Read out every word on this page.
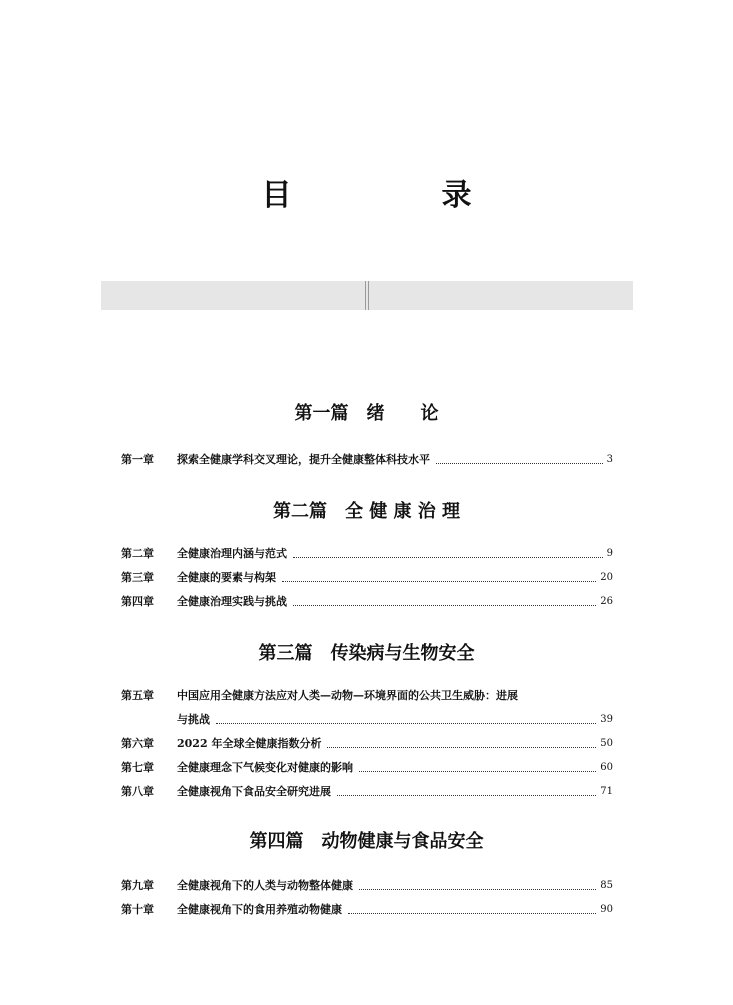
目　录
第一篇　绪　　论
第一章 探索全健康学科交叉理论，提升全健康整体科技水平	3
第二篇　全 健 康 治 理
第二章 全健康治理内涵与范式	9
第三章 全健康的要素与构架	20
第四章 全健康治理实践与挑战	26
第三篇　传染病与生物安全
第五章 中国应用全健康方法应对人类—动物—环境界面的公共卫生威胁：进展
与挑战	39
第六章 2022 年全球全健康指数分析	50
第七章 全健康理念下气候变化对健康的影响	60
第八章 全健康视角下食品安全研究进展	71
第四篇　动物健康与食品安全
第九章 全健康视角下的人类与动物整体健康	85
第十章 全健康视角下的食用养殖动物健康	90
